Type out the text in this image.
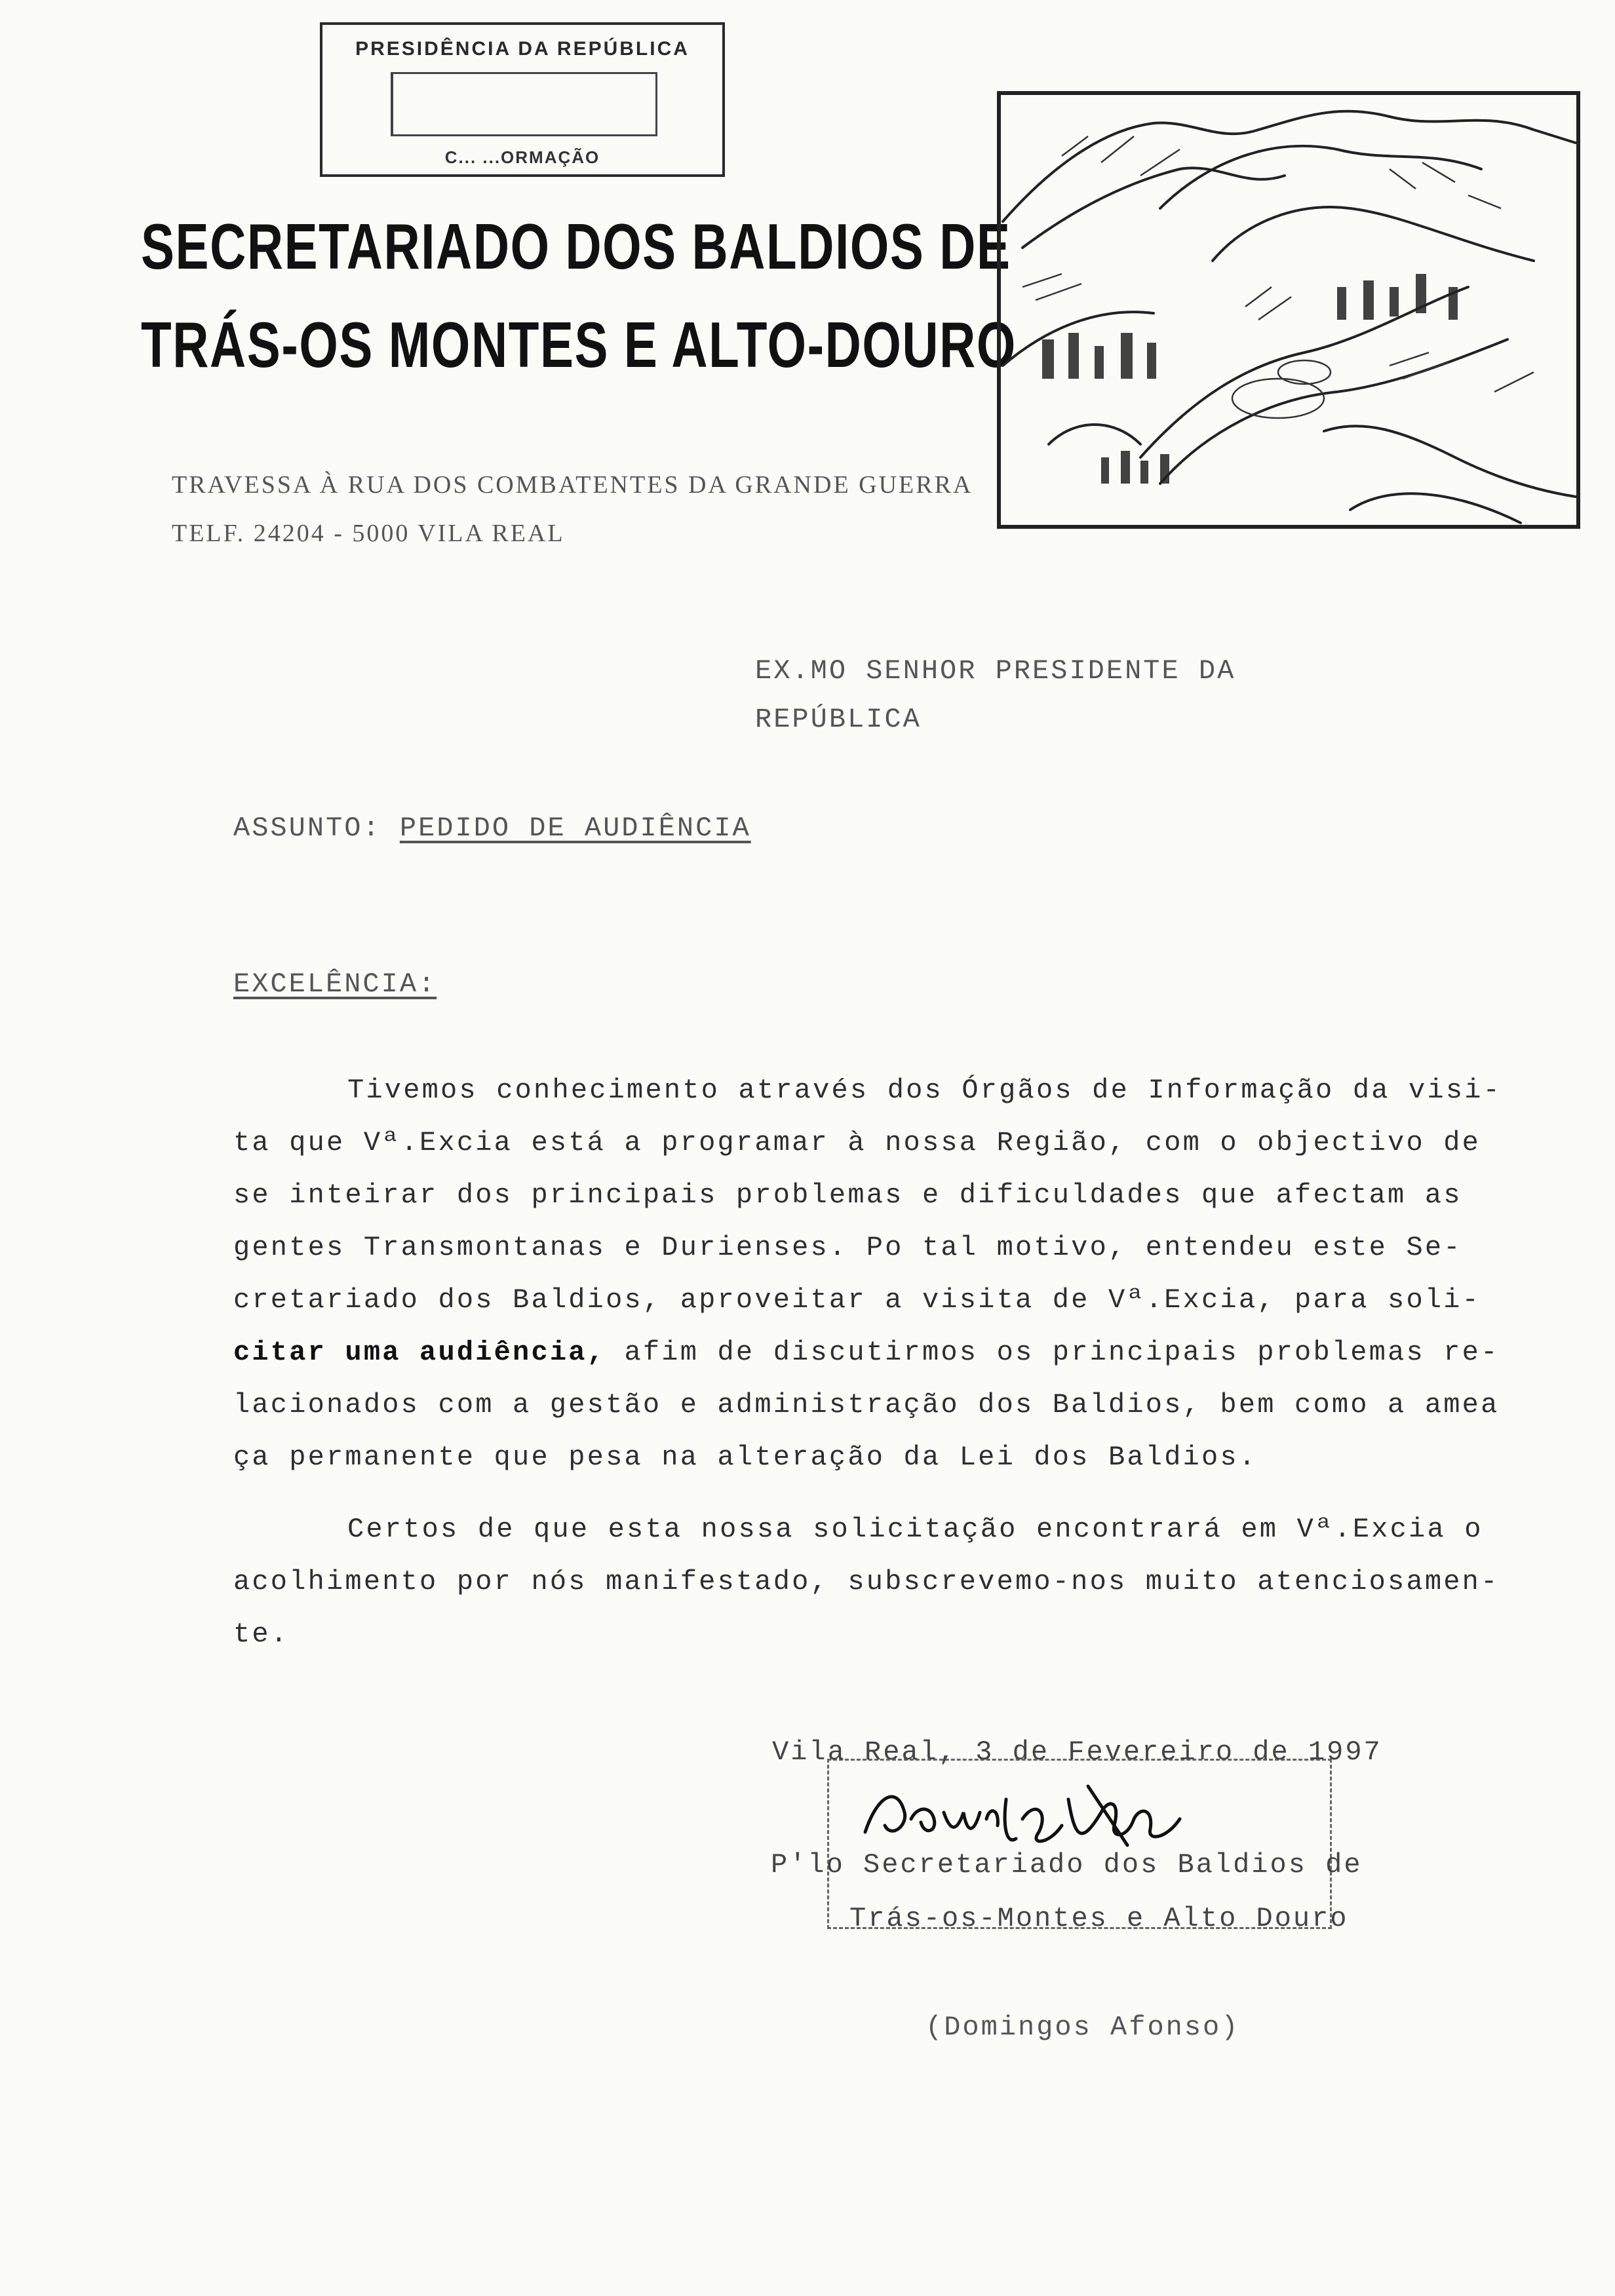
PRESIDÊNCIA DA REPÚBLICA
C... ...ORMAÇÃO
SECRETARIADO DOS BALDIOS DE
TRÁS-OS MONTES E ALTO-DOURO
TRAVESSA À RUA DOS COMBATENTES DA GRANDE GUERRA
TELF. 24204 - 5000 VILA REAL
EX.MO SENHOR PRESIDENTE DA
REPÚBLICA
ASSUNTO: PEDIDO DE AUDIÊNCIA
EXCELÊNCIA:
Tivemos conhecimento através dos Órgãos de Informação da visi-
ta que Vª.Excia está a programar à nossa Região, com o objectivo de
se inteirar dos principais problemas e dificuldades que afectam as
gentes Transmontanas e Durienses. Po tal motivo, entendeu este Se-
cretariado dos Baldios, aproveitar a visita de Vª.Excia, para soli-
citar uma audiência, afim de discutirmos os principais problemas re-
lacionados com a gestão e administração dos Baldios, bem como a amea
ça permanente que pesa na alteração da Lei dos Baldios.
Certos de que esta nossa solicitação encontrará em Vª.Excia o
acolhimento por nós manifestado, subscrevemo-nos muito atenciosamen-
te.
Vila Real, 3 de Fevereiro de 1997
P'lo Secretariado dos Baldios de
Trás-os-Montes e Alto Douro
(Domingos Afonso)
